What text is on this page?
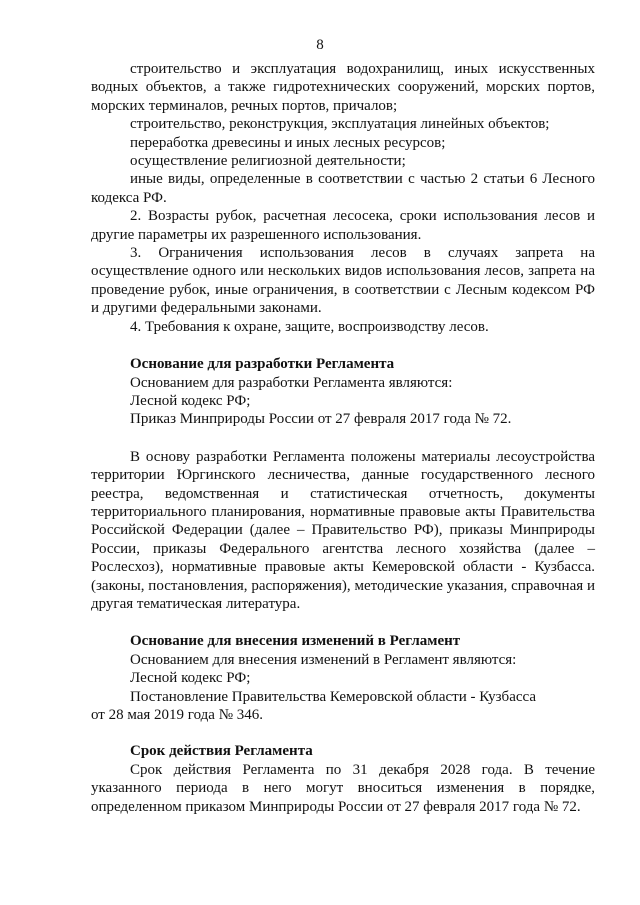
8

строительство и эксплуатация водохранилищ, иных искусственных водных объектов, а также гидротехнических сооружений, морских портов, морских терминалов, речных портов, причалов;

строительство, реконструкция, эксплуатация линейных объектов;

переработка древесины и иных лесных ресурсов;

осуществление религиозной деятельности;

иные виды, определенные в соответствии с частью 2 статьи 6 Лесного кодекса РФ.

2. Возрасты рубок, расчетная лесосека, сроки использования лесов и другие параметры их разрешенного использования.

3. Ограничения использования лесов в случаях запрета на осуществление одного или нескольких видов использования лесов, запрета на проведение рубок, иные ограничения, в соответствии с Лесным кодексом РФ и другими федеральными законами.

4. Требования к охране, защите, воспроизводству лесов.

Основание для разработки Регламента

Основанием для разработки Регламента являются:

Лесной кодекс РФ;

Приказ Минприроды России от 27 февраля 2017 года № 72.

В основу разработки Регламента положены материалы лесоустройства территории Юргинского лесничества, данные государственного лесного реестра, ведомственная и статистическая отчетность, документы территориального планирования, нормативные правовые акты Правительства Российской Федерации (далее – Правительство РФ), приказы Минприроды России, приказы Федерального агентства лесного хозяйства (далее – Рослесхоз), нормативные правовые акты Кемеровской области - Кузбасса. (законы, постановления, распоряжения), методические указания, справочная и другая тематическая литература.

Основание для внесения изменений в Регламент

Основанием для внесения изменений в Регламент являются:

Лесной кодекс РФ;

Постановление Правительства Кемеровской области - Кузбасса

от 28 мая 2019 года № 346.

Срок действия Регламента

Срок действия Регламента по 31 декабря 2028 года. В течение указанного периода в него могут вноситься изменения в порядке, определенном приказом Минприроды России от 27 февраля 2017 года № 72.
